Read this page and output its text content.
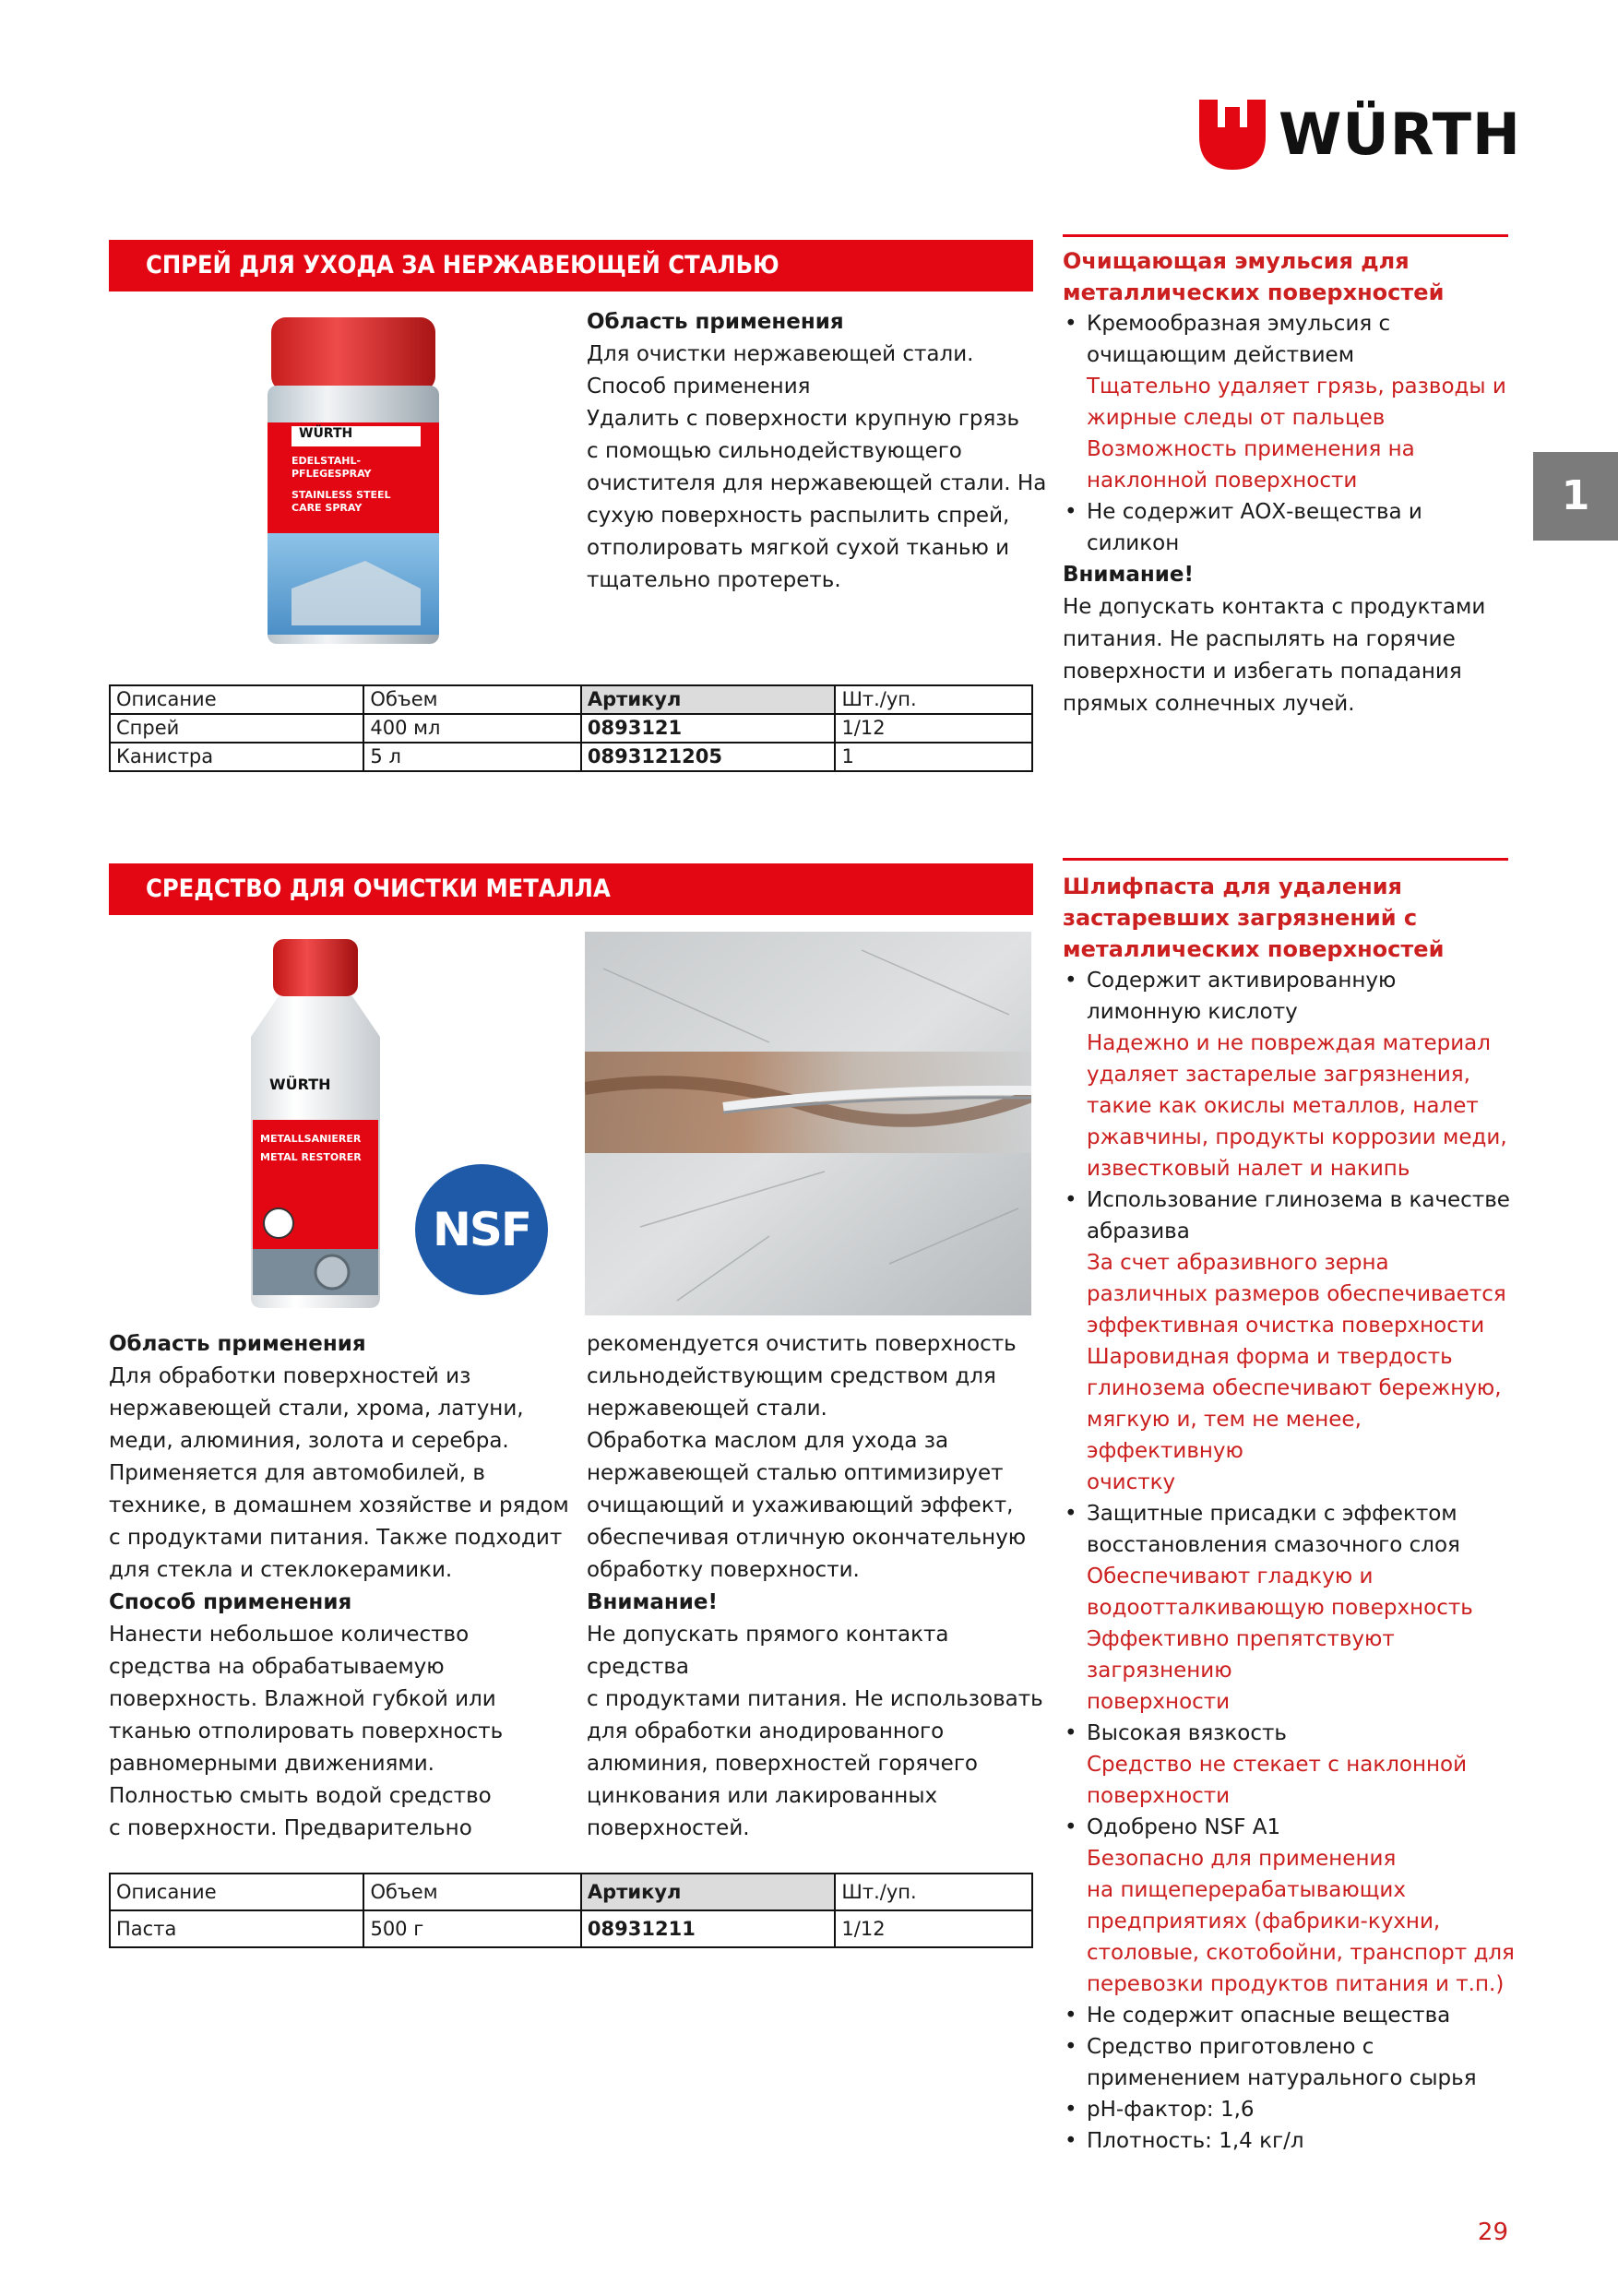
WÜRTH
1
СПРЕЙ ДЛЯ УХОДА ЗА НЕРЖАВЕЮЩЕЙ СТАЛЬЮ
WÜRTH
EDELSTAHL-
PFLEGESPRAY
STAINLESS STEEL
CARE SPRAY
Область применения
Для очистки нержавеющей стали.
Способ применения
Удалить с поверхности крупную грязь
с помощью сильнодействующего
очистителя для нержавеющей стали. На
сухую поверхность распылить спрей,
отполировать мягкой сухой тканью и
тщательно протереть.
Описание	Объем	Артикул	Шт./уп.
Спрей	400 мл	0893121	1/12
Канистра	5 л	0893121205	1
Очищающая эмульсия для
металлических поверхностей
• Кремообразная эмульсия с
очищающим действием
Тщательно удаляет грязь, разводы и
жирные следы от пальцев
Возможность применения на
наклонной поверхности
• Не содержит АОХ-вещества и
силикон
Внимание!
Не допускать контакта с продуктами
питания. Не распылять на горячие
поверхности и избегать попадания
прямых солнечных лучей.
СРЕДСТВО ДЛЯ ОЧИСТКИ МЕТАЛЛА
WÜRTH
METALLSANIERER
METAL RESTORER
NSF
Область применения
Для обработки поверхностей из
нержавеющей стали, хрома, латуни,
меди, алюминия, золота и серебра.
Применяется для автомобилей, в
технике, в домашнем хозяйстве и рядом
с продуктами питания. Также подходит
для стекла и стеклокерамики.
Способ применения
Нанести небольшое количество
средства на обрабатываемую
поверхность. Влажной губкой или
тканью отполировать поверхность
равномерными движениями.
Полностью смыть водой средство
с поверхности. Предварительно
рекомендуется очистить поверхность
сильнодействующим средством для
нержавеющей стали.
Обработка маслом для ухода за
нержавеющей сталью оптимизирует
очищающий и ухаживающий эффект,
обеспечивая отличную окончательную
обработку поверхности.
Внимание!
Не допускать прямого контакта средства
с продуктами питания. Не использовать
для обработки анодированного
алюминия, поверхностей горячего
цинкования или лакированных
поверхностей.
Описание	Объем	Артикул	Шт./уп.
Паста	500 г	08931211	1/12
Шлифпаста для удаления
застаревших загрязнений с
металлических поверхностей
• Содержит активированную
лимонную кислоту
Надежно и не повреждая материал
удаляет застарелые загрязнения,
такие как окислы металлов, налет
ржавчины, продукты коррозии меди,
известковый налет и накипь
• Использование глинозема в качестве
абразива
За счет абразивного зерна
различных размеров обеспечивается
эффективная очистка поверхности
Шаровидная форма и твердость
глинозема обеспечивают бережную,
мягкую и, тем не менее, эффективную
очистку
• Защитные присадки с эффектом
восстановления смазочного слоя
Обеспечивают гладкую и
водоотталкивающую поверхность
Эффективно препятствуют загрязнению
поверхности
• Высокая вязкость
Средство не стекает с наклонной
поверхности
• Одобрено NSF A1
Безопасно для применения
на пищеперерабатывающих
предприятиях (фабрики-кухни,
столовые, скотобойни, транспорт для
перевозки продуктов питания и т.п.)
• Не содержит опасные вещества
• Средство приготовлено с
применением натурального сырья
• pH-фактор: 1,6
• Плотность: 1,4 кг/л
29
